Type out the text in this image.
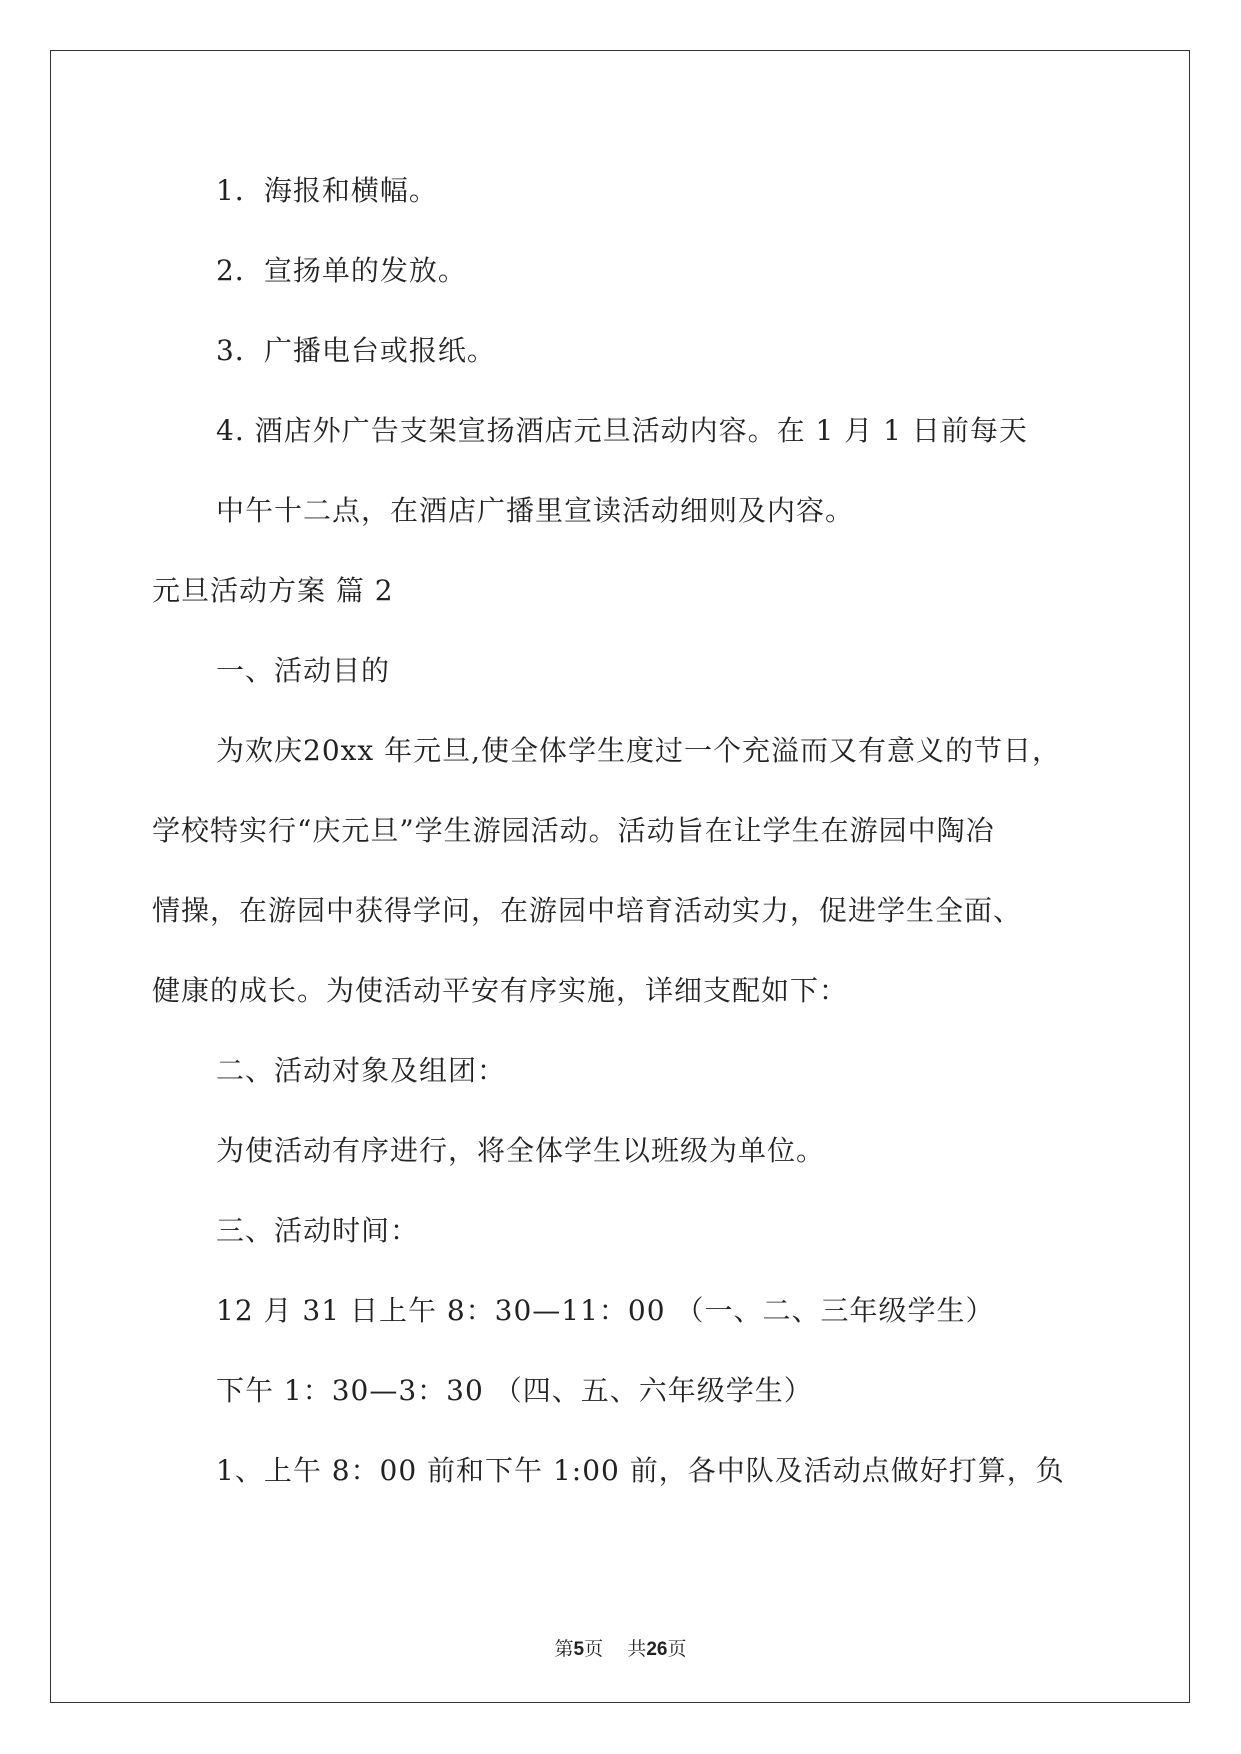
1．海报和横幅。

2．宣扬单的发放。

3．广播电台或报纸。

4. 酒店外广告支架宣扬酒店元旦活动内容。在 1 月 1 日前每天

中午十二点，在酒店广播里宣读活动细则及内容。

元旦活动方案 篇 2

一、活动目的

为欢庆20xx 年元旦,使全体学生度过一个充溢而又有意义的节日，

学校特实行“庆元旦”学生游园活动。活动旨在让学生在游园中陶冶

情操，在游园中获得学问，在游园中培育活动实力，促进学生全面、

健康的成长。为使活动平安有序实施，详细支配如下：

二、活动对象及组团：

为使活动有序进行，将全体学生以班级为单位。

三、活动时间：

12 月 31 日上午 8：30—11：00 （一、二、三年级学生）

下午 1：30—3：30 （四、五、六年级学生）

1、上午 8：00 前和下午 1:00 前，各中队及活动点做好打算，负

第5页 共26页
